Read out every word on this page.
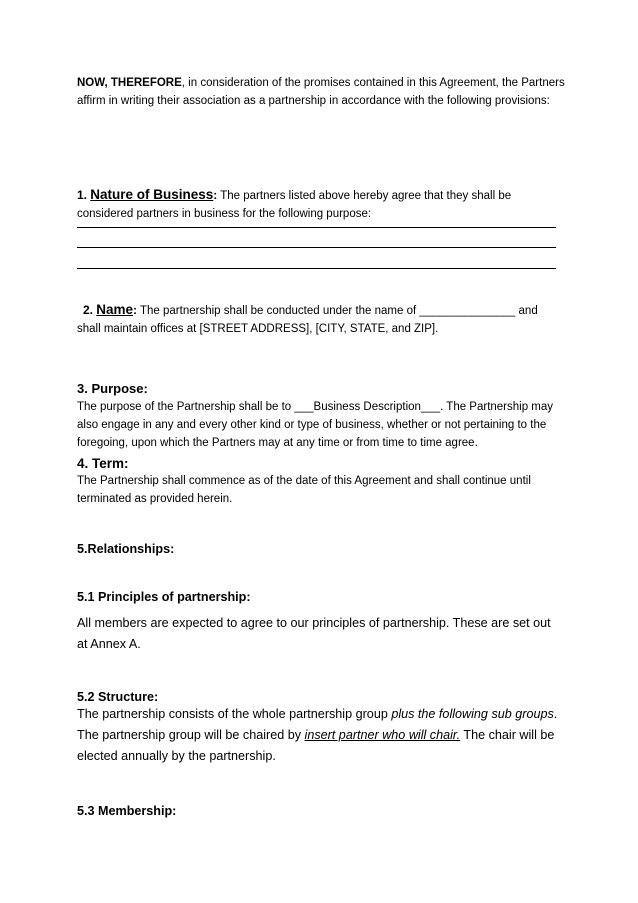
NOW, THEREFORE, in consideration of the promises contained in this Agreement, the Partners affirm in writing their association as a partnership in accordance with the following provisions:

1. Nature of Business: The partners listed above hereby agree that they shall be considered partners in business for the following purpose:

2. Name: The partnership shall be conducted under the name of _______________ and shall maintain offices at [STREET ADDRESS], [CITY, STATE, and ZIP].

3. Purpose:

The purpose of the Partnership shall be to ___Business Description___. The Partnership may also engage in any and every other kind or type of business, whether or not pertaining to the foregoing, upon which the Partners may at any time or from time to time agree.

4. Term:

The Partnership shall commence as of the date of this Agreement and shall continue until terminated as provided herein.

5.Relationships:

5.1 Principles of partnership:

All members are expected to agree to our principles of partnership. These are set out at Annex A.

5.2 Structure:

The partnership consists of the whole partnership group plus the following sub groups. The partnership group will be chaired by insert partner who will chair. The chair will be elected annually by the partnership.

5.3 Membership:
